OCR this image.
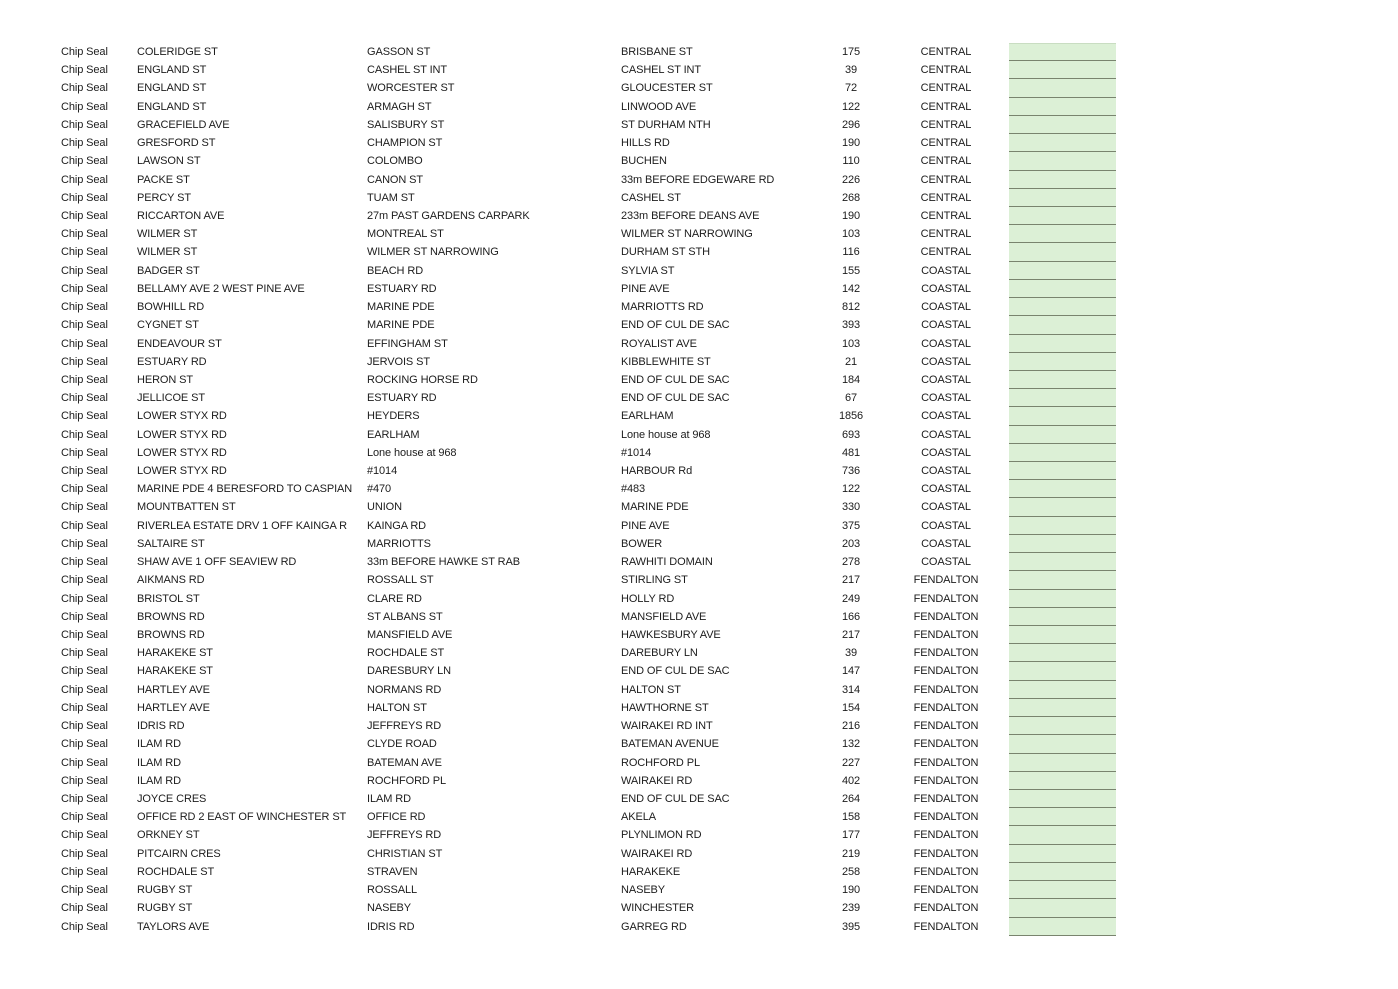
Chip Seal	COLERIDGE ST	GASSON ST	BRISBANE ST	175	CENTRAL
Chip Seal	ENGLAND ST	CASHEL ST INT	CASHEL ST INT	39	CENTRAL
Chip Seal	ENGLAND ST	WORCESTER ST	GLOUCESTER ST	72	CENTRAL
Chip Seal	ENGLAND ST	ARMAGH ST	LINWOOD AVE	122	CENTRAL
Chip Seal	GRACEFIELD AVE	SALISBURY ST	ST DURHAM NTH	296	CENTRAL
Chip Seal	GRESFORD ST	CHAMPION ST	HILLS RD	190	CENTRAL
Chip Seal	LAWSON ST	COLOMBO	BUCHEN	110	CENTRAL
Chip Seal	PACKE ST	CANON ST	33m BEFORE EDGEWARE RD	226	CENTRAL
Chip Seal	PERCY ST	TUAM ST	CASHEL ST	268	CENTRAL
Chip Seal	RICCARTON AVE	27m PAST GARDENS CARPARK	233m BEFORE DEANS AVE	190	CENTRAL
Chip Seal	WILMER ST	MONTREAL ST	WILMER ST NARROWING	103	CENTRAL
Chip Seal	WILMER ST	WILMER ST NARROWING	DURHAM ST STH	116	CENTRAL
Chip Seal	BADGER ST	BEACH RD	SYLVIA ST	155	COASTAL
Chip Seal	BELLAMY AVE 2 WEST PINE AVE	ESTUARY RD	PINE AVE	142	COASTAL
Chip Seal	BOWHILL RD	MARINE PDE	MARRIOTTS RD	812	COASTAL
Chip Seal	CYGNET ST	MARINE PDE	END OF CUL DE SAC	393	COASTAL
Chip Seal	ENDEAVOUR ST	EFFINGHAM ST	ROYALIST AVE	103	COASTAL
Chip Seal	ESTUARY RD	JERVOIS ST	KIBBLEWHITE ST	21	COASTAL
Chip Seal	HERON ST	ROCKING HORSE RD	END OF CUL DE SAC	184	COASTAL
Chip Seal	JELLICOE ST	ESTUARY RD	END OF CUL DE SAC	67	COASTAL
Chip Seal	LOWER STYX RD	HEYDERS	EARLHAM	1856	COASTAL
Chip Seal	LOWER STYX RD	EARLHAM	Lone house at 968	693	COASTAL
Chip Seal	LOWER STYX RD	Lone house at 968	#1014	481	COASTAL
Chip Seal	LOWER STYX RD	#1014	HARBOUR Rd	736	COASTAL
Chip Seal	MARINE PDE 4 BERESFORD TO CASPIAN	#470	#483	122	COASTAL
Chip Seal	MOUNTBATTEN ST	UNION	MARINE PDE	330	COASTAL
Chip Seal	RIVERLEA ESTATE DRV 1 OFF KAINGA R	KAINGA RD	PINE AVE	375	COASTAL
Chip Seal	SALTAIRE ST	MARRIOTTS	BOWER	203	COASTAL
Chip Seal	SHAW AVE 1 OFF SEAVIEW RD	33m BEFORE HAWKE ST RAB	RAWHITI DOMAIN	278	COASTAL
Chip Seal	AIKMANS RD	ROSSALL ST	STIRLING ST	217	FENDALTON
Chip Seal	BRISTOL ST	CLARE RD	HOLLY RD	249	FENDALTON
Chip Seal	BROWNS RD	ST ALBANS ST	MANSFIELD AVE	166	FENDALTON
Chip Seal	BROWNS RD	MANSFIELD AVE	HAWKESBURY AVE	217	FENDALTON
Chip Seal	HARAKEKE ST	ROCHDALE ST	DAREBURY LN	39	FENDALTON
Chip Seal	HARAKEKE ST	DARESBURY LN	END OF CUL DE SAC	147	FENDALTON
Chip Seal	HARTLEY AVE	NORMANS RD	HALTON ST	314	FENDALTON
Chip Seal	HARTLEY AVE	HALTON ST	HAWTHORNE ST	154	FENDALTON
Chip Seal	IDRIS RD	JEFFREYS RD	WAIRAKEI RD INT	216	FENDALTON
Chip Seal	ILAM RD	CLYDE ROAD	BATEMAN AVENUE	132	FENDALTON
Chip Seal	ILAM RD	BATEMAN AVE	ROCHFORD PL	227	FENDALTON
Chip Seal	ILAM RD	ROCHFORD PL	WAIRAKEI RD	402	FENDALTON
Chip Seal	JOYCE CRES	ILAM RD	END OF CUL DE SAC	264	FENDALTON
Chip Seal	OFFICE RD 2 EAST OF WINCHESTER ST	OFFICE RD	AKELA	158	FENDALTON
Chip Seal	ORKNEY ST	JEFFREYS RD	PLYNLIMON RD	177	FENDALTON
Chip Seal	PITCAIRN CRES	CHRISTIAN ST	WAIRAKEI RD	219	FENDALTON
Chip Seal	ROCHDALE ST	STRAVEN	HARAKEKE	258	FENDALTON
Chip Seal	RUGBY ST	ROSSALL	NASEBY	190	FENDALTON
Chip Seal	RUGBY ST	NASEBY	WINCHESTER	239	FENDALTON
Chip Seal	TAYLORS AVE	IDRIS RD	GARREG RD	395	FENDALTON
